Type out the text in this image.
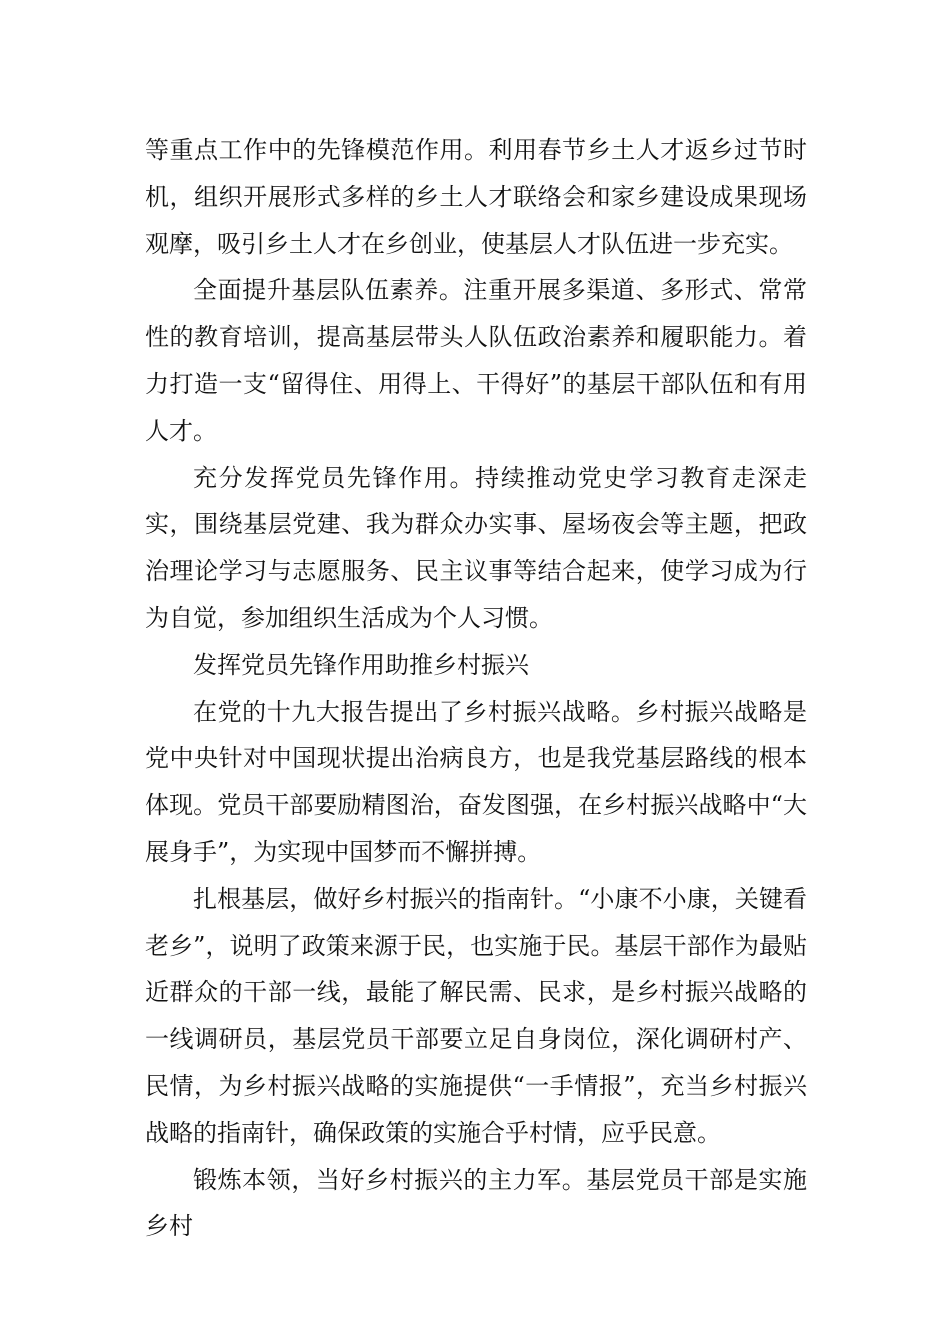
等重点工作中的先锋模范作用。利用春节乡土人才返乡过节时机，组织开展形式多样的乡土人才联络会和家乡建设成果现场观摩，吸引乡土人才在乡创业，使基层人才队伍进一步充实。

全面提升基层队伍素养。注重开展多渠道、多形式、常常性的教育培训，提高基层带头人队伍政治素养和履职能力。着力打造一支“留得住、用得上、干得好”的基层干部队伍和有用人才。

充分发挥党员先锋作用。持续推动党史学习教育走深走实，围绕基层党建、我为群众办实事、屋场夜会等主题，把政治理论学习与志愿服务、民主议事等结合起来，使学习成为行为自觉，参加组织生活成为个人习惯。

发挥党员先锋作用助推乡村振兴

在党的十九大报告提出了乡村振兴战略。乡村振兴战略是党中央针对中国现状提出治病良方，也是我党基层路线的根本体现。党员干部要励精图治，奋发图强，在乡村振兴战略中“大展身手”，为实现中国梦而不懈拼搏。

扎根基层，做好乡村振兴的指南针。“小康不小康，关键看老乡”，说明了政策来源于民，也实施于民。基层干部作为最贴近群众的干部一线，最能了解民需、民求，是乡村振兴战略的一线调研员，基层党员干部要立足自身岗位，深化调研村产、民情，为乡村振兴战略的实施提供“一手情报”，充当乡村振兴战略的指南针，确保政策的实施合乎村情，应乎民意。

锻炼本领，当好乡村振兴的主力军。基层党员干部是实施乡村
